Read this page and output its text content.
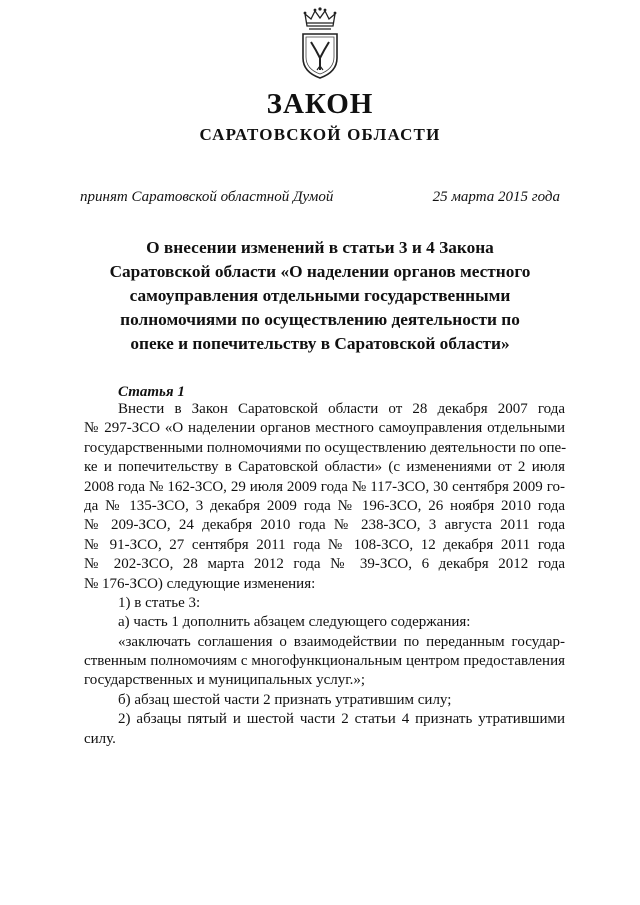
ЗАКОН
САРАТОВСКОЙ ОБЛАСТИ
принят Саратовской областной Думой	25 марта 2015 года
О внесении изменений в статьи 3 и 4 Закона
Саратовской области «О наделении органов местного
самоуправления отдельными государственными
полномочиями по осуществлению деятельности по
опеке и попечительству в Саратовской области»
Статья 1
Внести в Закон Саратовской области от 28 декабря 2007 года
№ 297-ЗСО «О наделении органов местного самоуправления отдельными
государственными полномочиями по осуществлению деятельности по опе-
ке и попечительству в Саратовской области» (с изменениями от 2 июля
2008 года № 162-ЗСО, 29 июля 2009 года № 117-ЗСО, 30 сентября 2009 го-
да № 135-ЗСО, 3 декабря 2009 года № 196-ЗСО, 26 ноября 2010 года
№ 209-ЗСО, 24 декабря 2010 года № 238-ЗСО, 3 августа 2011 года
№ 91-ЗСО, 27 сентября 2011 года № 108-ЗСО, 12 декабря 2011 года
№ 202-ЗСО, 28 марта 2012 года № 39-ЗСО, 6 декабря 2012 года
№ 176-ЗСО) следующие изменения:
1) в статье 3:
а) часть 1 дополнить абзацем следующего содержания:
«заключать соглашения о взаимодействии по переданным государ-
ственным полномочиям с многофункциональным центром предоставления
государственных и муниципальных услуг.»;
б) абзац шестой части 2 признать утратившим силу;
2) абзацы пятый и шестой части 2 статьи 4 признать утратившими
силу.
